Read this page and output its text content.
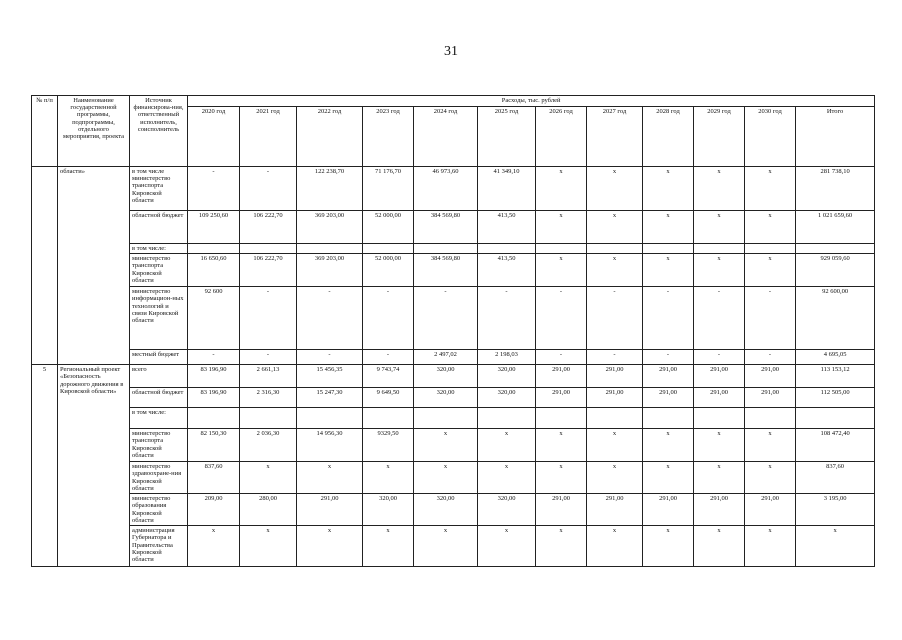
31
№ п/п	Наименование государственной программы, подпрограммы, отдельного мероприятия, проекта	Источник финансирова-ния, ответственный исполнитель, соисполнитель	Расходы, тыс. рублей											
			2020 год	2021 год	2022 год	2023 год	2024 год	2025 год	2026 год	2027 год	2028 год	2029 год	2030 год	Итого
	области»	в том числе министерство транспорта Кировской области	-	-	122 238,70	71 176,70	46 973,60	41 349,10	х	х	х	х	х	281 738,10
		областной бюджет	109 250,60	106 222,70	369 203,00	52 000,00	384 569,80	413,50	х	х	х	х	х	1 021 659,60
		в том числе:												
		министерство транспорта Кировской области	16 650,60	106 222,70	369 203,00	52 000,00	384 569,80	413,50	х	х	х	х	х	929 059,60
		министерство информацион-ных технологий и связи Кировской области	92 600	-	-	-	-	-	-	-	-	-	-	92 600,00
		местный бюджет	-	-	-	-	2 497,02	2 198,03	-	-	-	-	-	4 695,05
5	Региональный проект «Безопасность дорожного движения в Кировской области»	всего	83 196,90	2 661,13	15 456,35	9 743,74	320,00	320,00	291,00	291,00	291,00	291,00	291,00	113 153,12
		областной бюджет	83 196,90	2 316,30	15 247,30	9 649,50	320,00	320,00	291,00	291,00	291,00	291,00	291,00	112 505,00
		в том числе:												
		министерство транспорта Кировской области	82 150,30	2 036,30	14 956,30	9329,50	х	х	х	х	х	х	х	108 472,40
		министерство здравоохране-ния Кировской области	837,60	х	х	х	х	х	х	х	х	х	х	837,60
		министерство образования Кировской области	209,00	280,00	291,00	320,00	320,00	320,00	291,00	291,00	291,00	291,00	291,00	3 195,00
		администрация Губернатора и Правительства Кировской области	х	х	х	х	х	х	х	х	х	х	х	х
